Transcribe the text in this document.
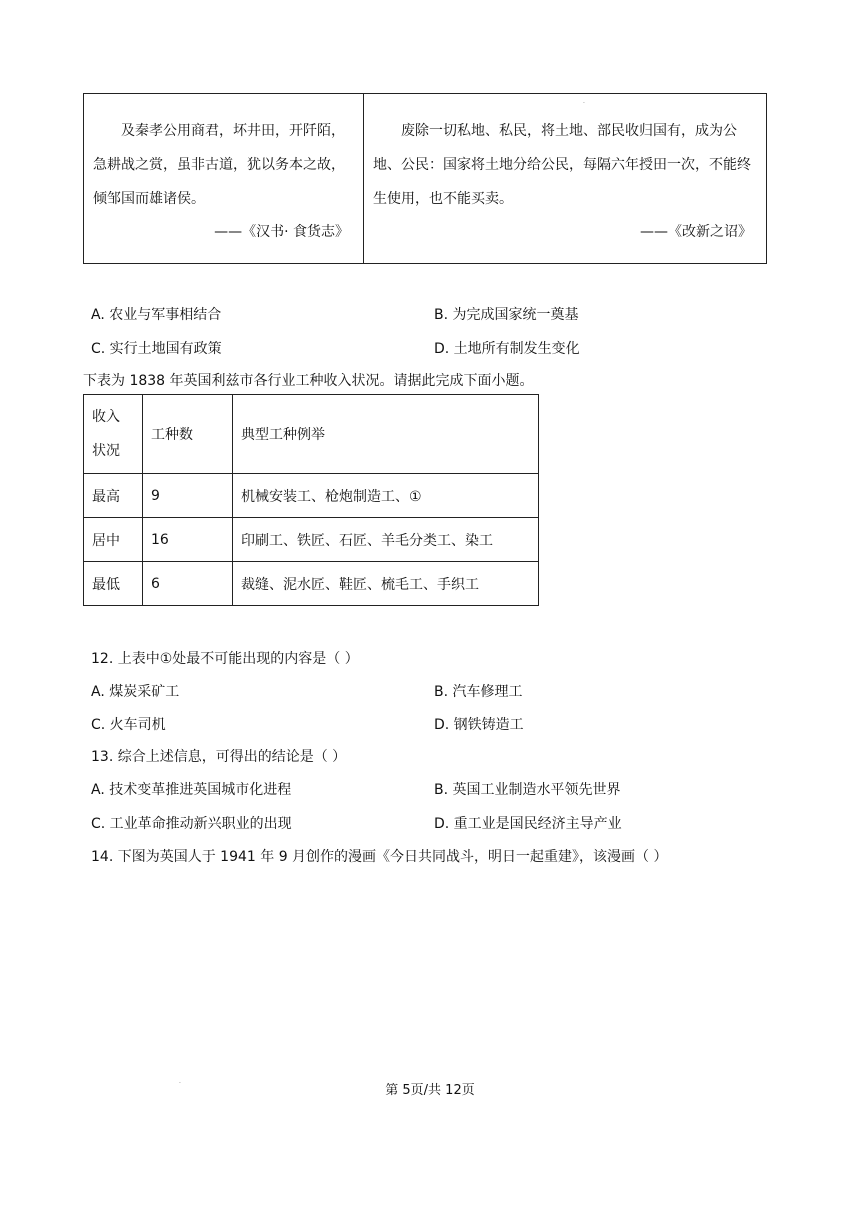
及秦孝公用商君，坏井田，开阡陌，急耕战之赏，虽非古道，犹以务本之故，倾邹国而雄诸侯。
——《汉书· 食货志》
废除一切私地、私民，将土地、部民收归国有，成为公地、公民：国家将土地分给公民，每隔六年授田一次，不能终生使用，也不能买卖。
——《改新之诏》
·
A. 农业与军事相结合	B. 为完成国家统一奠基
C. 实行土地国有政策	D. 土地所有制发生变化
下表为 1838 年英国利兹市各行业工种收入状况。请据此完成下面小题。
收入
状况	工种数	典型工种例举
最高	9	机械安装工、枪炮制造工、①
居中	16	印刷工、铁匠、石匠、羊毛分类工、染工
最低	6	裁缝、泥水匠、鞋匠、梳毛工、手织工
12. 上表中①处最不可能出现的内容是（ ）
A. 煤炭采矿工	B. 汽车修理工
C. 火车司机	D. 钢铁铸造工
13. 综合上述信息，可得出的结论是（ ）
A. 技术变革推进英国城市化进程	B. 英国工业制造水平领先世界
C. 工业革命推动新兴职业的出现	D. 重工业是国民经济主导产业
14. 下图为英国人于 1941 年 9 月创作的漫画《今日共同战斗，明日一起重建》，该漫画（ ）
·	第 5页/共 12页
